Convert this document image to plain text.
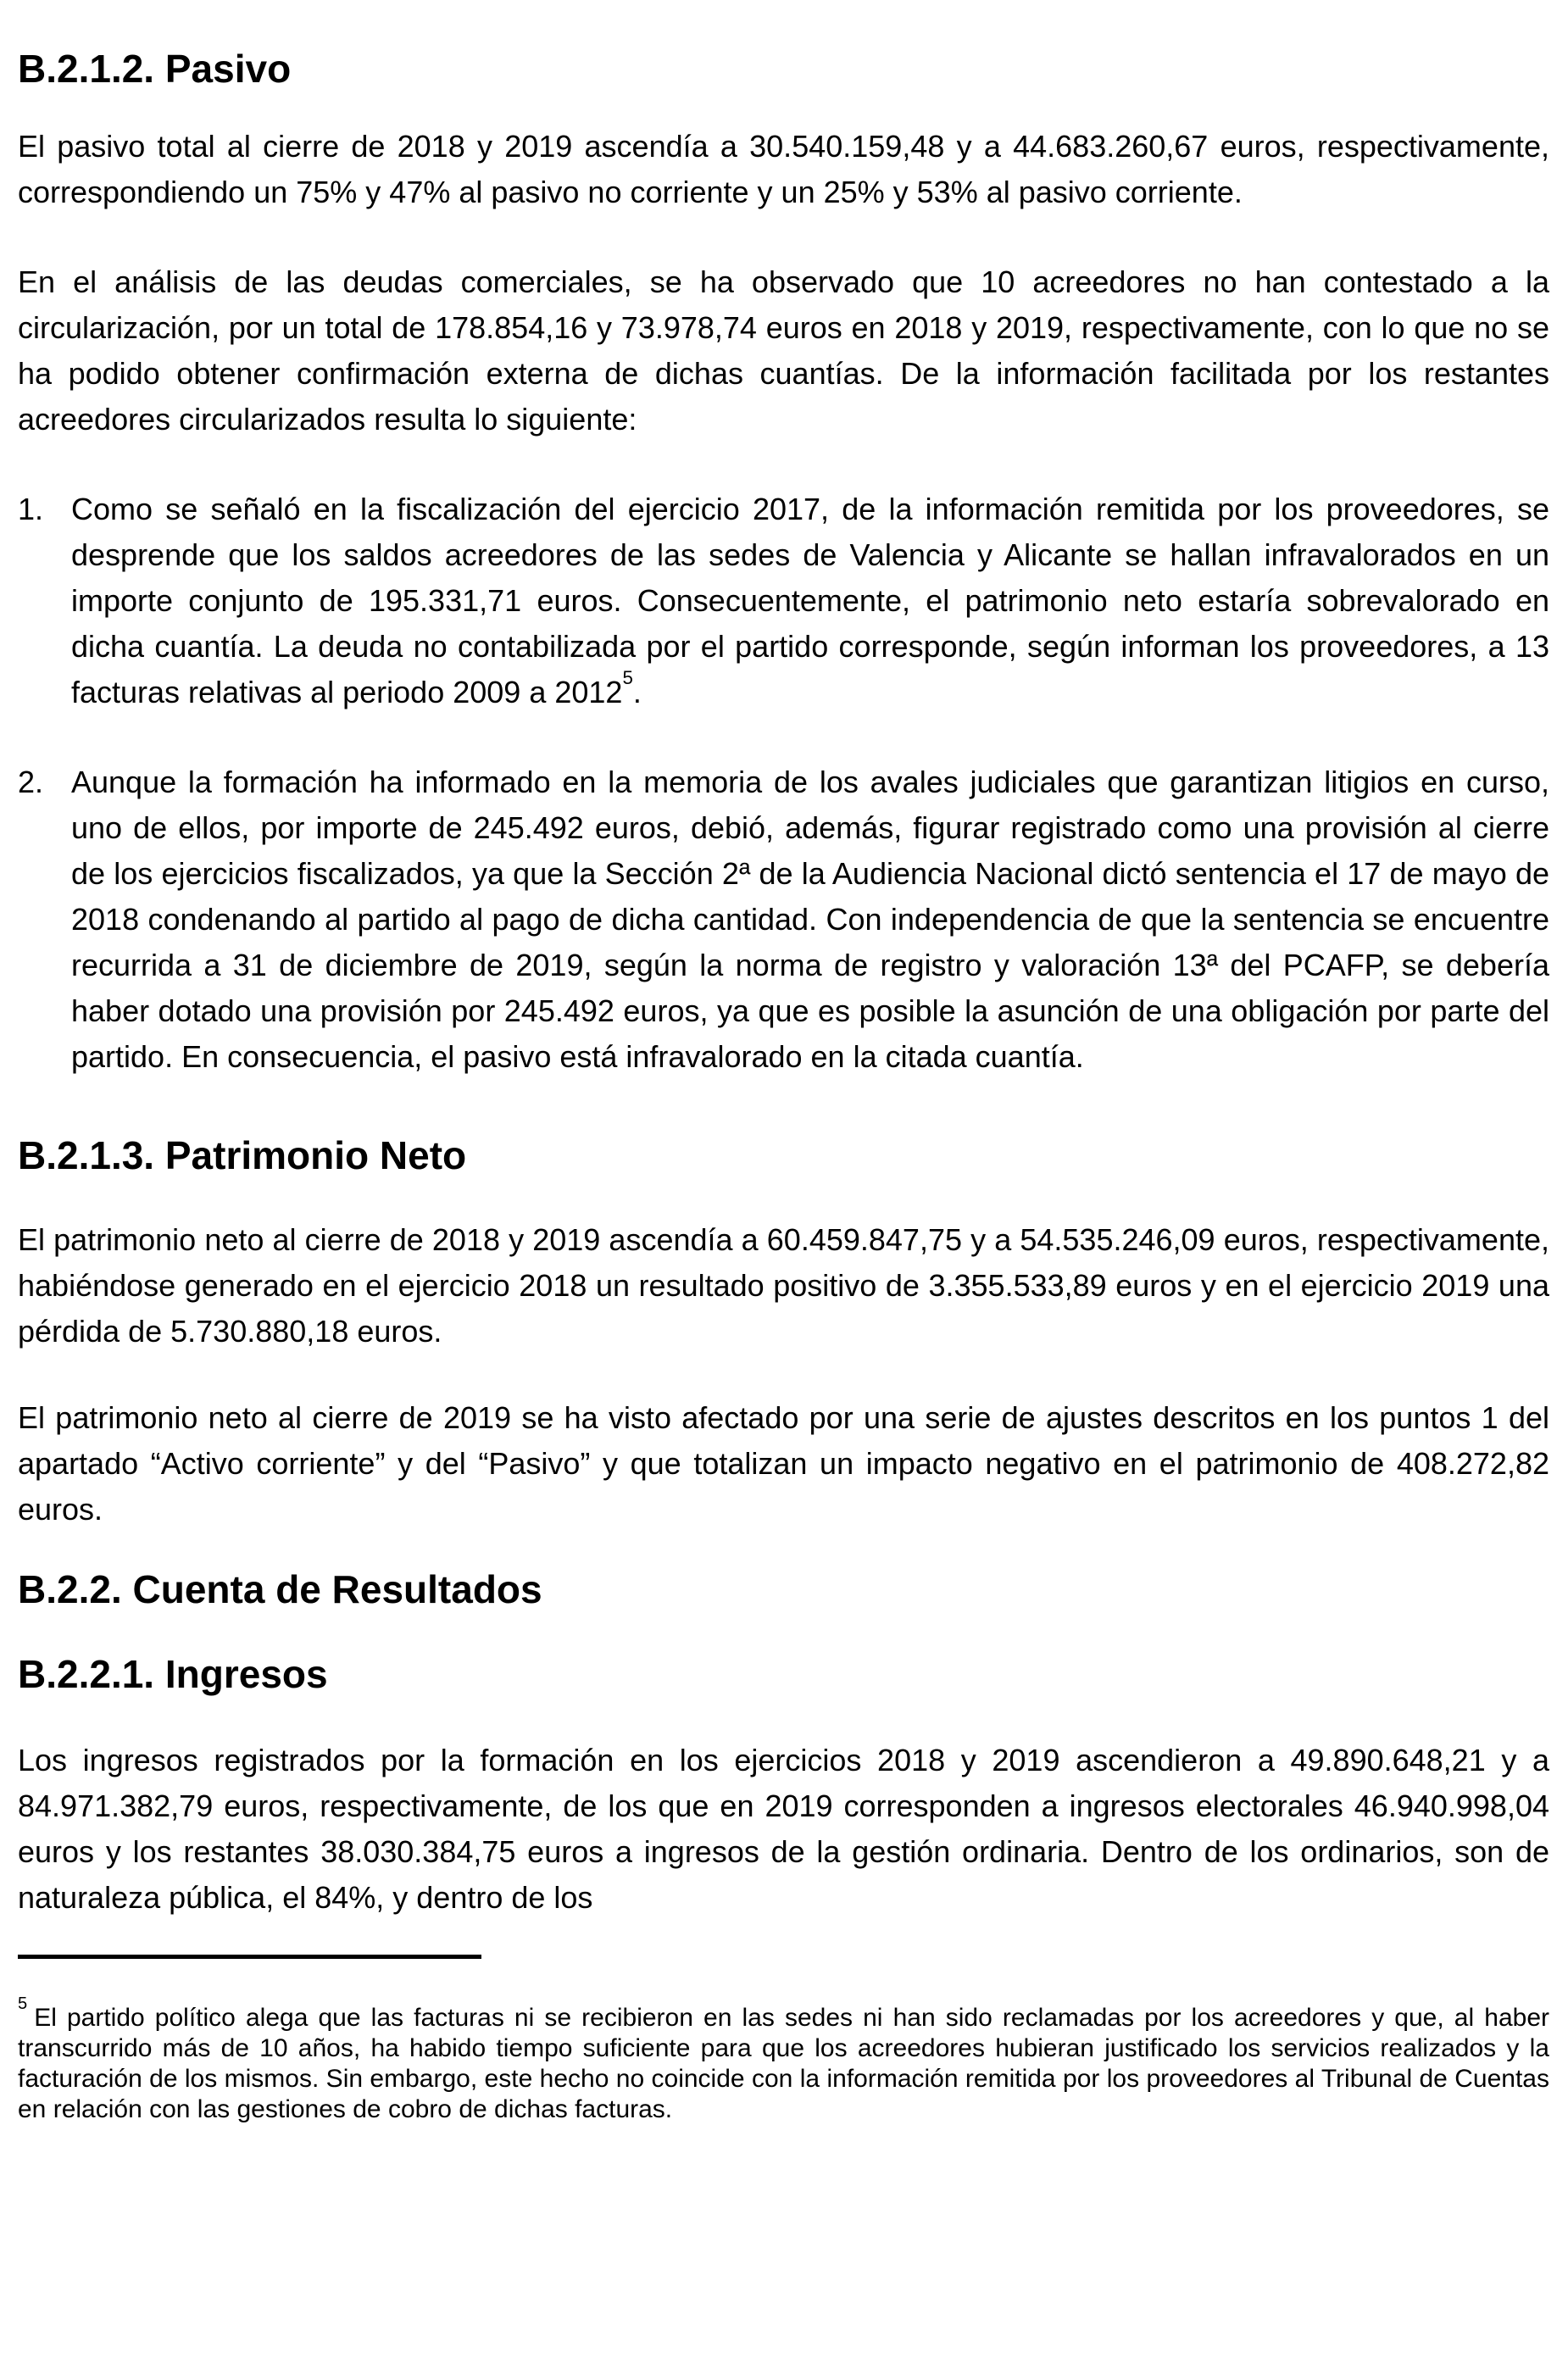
B.2.1.2. Pasivo

El pasivo total al cierre de 2018 y 2019 ascendía a 30.540.159,48 y a 44.683.260,67 euros, respectivamente, correspondiendo un 75% y 47% al pasivo no corriente y un 25% y 53% al pasivo corriente.

En el análisis de las deudas comerciales, se ha observado que 10 acreedores no han contestado a la circularización, por un total de 178.854,16 y 73.978,74 euros en 2018 y 2019, respectivamente, con lo que no se ha podido obtener confirmación externa de dichas cuantías. De la información facilitada por los restantes acreedores circularizados resulta lo siguiente:

1. Como se señaló en la fiscalización del ejercicio 2017, de la información remitida por los proveedores, se desprende que los saldos acreedores de las sedes de Valencia y Alicante se hallan infravalorados en un importe conjunto de 195.331,71 euros. Consecuentemente, el patrimonio neto estaría sobrevalorado en dicha cuantía. La deuda no contabilizada por el partido corresponde, según informan los proveedores, a 13 facturas relativas al periodo 2009 a 2012$^5$.
2. Aunque la formación ha informado en la memoria de los avales judiciales que garantizan litigios en curso, uno de ellos, por importe de 245.492 euros, debió, además, figurar registrado como una provisión al cierre de los ejercicios fiscalizados, ya que la Sección 2ª de la Audiencia Nacional dictó sentencia el 17 de mayo de 2018 condenando al partido al pago de dicha cantidad. Con independencia de que la sentencia se encuentre recurrida a 31 de diciembre de 2019, según la norma de registro y valoración 13ª del PCAFP, se debería haber dotado una provisión por 245.492 euros, ya que es posible la asunción de una obligación por parte del partido. En consecuencia, el pasivo está infravalorado en la citada cuantía.
B.2.1.3. Patrimonio Neto

El patrimonio neto al cierre de 2018 y 2019 ascendía a 60.459.847,75 y a 54.535.246,09 euros, respectivamente, habiéndose generado en el ejercicio 2018 un resultado positivo de 3.355.533,89 euros y en el ejercicio 2019 una pérdida de 5.730.880,18 euros.

El patrimonio neto al cierre de 2019 se ha visto afectado por una serie de ajustes descritos en los puntos 1 del apartado “Activo corriente” y del “Pasivo” y que totalizan un impacto negativo en el patrimonio de 408.272,82 euros.

B.2.2. Cuenta de Resultados
B.2.2.1. Ingresos

Los ingresos registrados por la formación en los ejercicios 2018 y 2019 ascendieron a 49.890.648,21 y a 84.971.382,79 euros, respectivamente, de los que en 2019 corresponden a ingresos electorales 46.940.998,04 euros y los restantes 38.030.384,75 euros a ingresos de la gestión ordinaria. Dentro de los ordinarios, son de naturaleza pública, el 84%, y dentro de los

$^5$El partido político alega que las facturas ni se recibieron en las sedes ni han sido reclamadas por los acreedores y que, al haber transcurrido más de 10 años, ha habido tiempo suficiente para que los acreedores hubieran justificado los servicios realizados y la facturación de los mismos. Sin embargo, este hecho no coincide con la información remitida por los proveedores al Tribunal de Cuentas en relación con las gestiones de cobro de dichas facturas.
